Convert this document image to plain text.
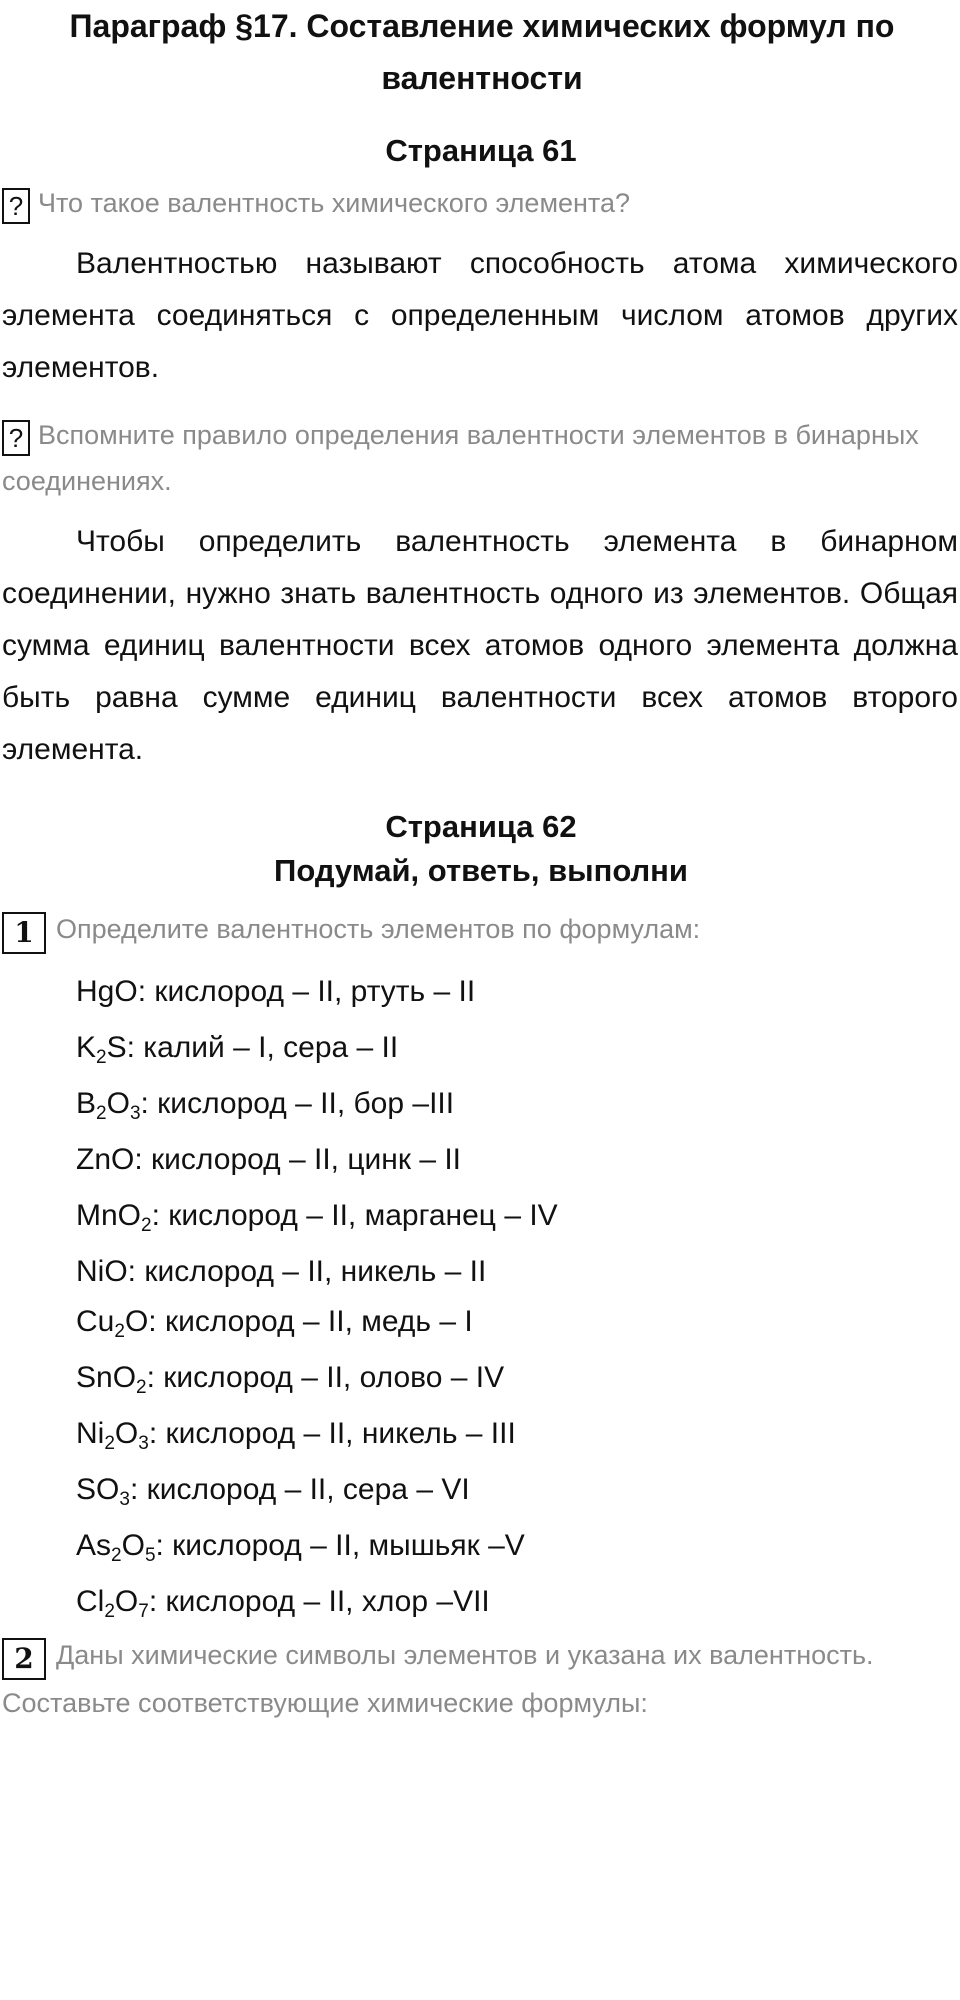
Параграф §17. Составление химических формул по
валентности
Страница 61

? Что такое валентность химического элемента?

Валентностью называют способность атома химического элемента соединяться с определенным числом атомов других элементов.

? Вспомните правило определения валентности элементов в бинарных соединениях.

Чтобы определить валентность элемента в бинарном соединении, нужно знать валентность одного из элементов. Общая сумма единиц валентности всех атомов одного элемента должна быть равна сумме единиц валентности всех атомов второго элемента.

Страница 62
Подумай, ответь, выполни

1 Определите валентность элементов по формулам:

HgO: кислород – II, ртуть – II
$K_2S$: калий – I, сера – II
$B_2O_3$: кислород – II, бор –III
ZnO: кислород – II, цинк – II
MnO$_2$: кислород – II, марганец – IV
NiO: кислород – II, никель – II
$Cu_2O$: кислород – II, медь – I
SnO$_2$: кислород – II, олово – IV
$Ni_2O_3$: кислород – II, никель – III
$SO_3$: кислород – II, сера – VI
$As_2O_5$: кислород – II, мышьяк –V
$Cl_2O_7$: кислород – II, хлор –VII

2 Даны химические символы элементов и указана их валентность. Составьте соответствующие химические формулы:
